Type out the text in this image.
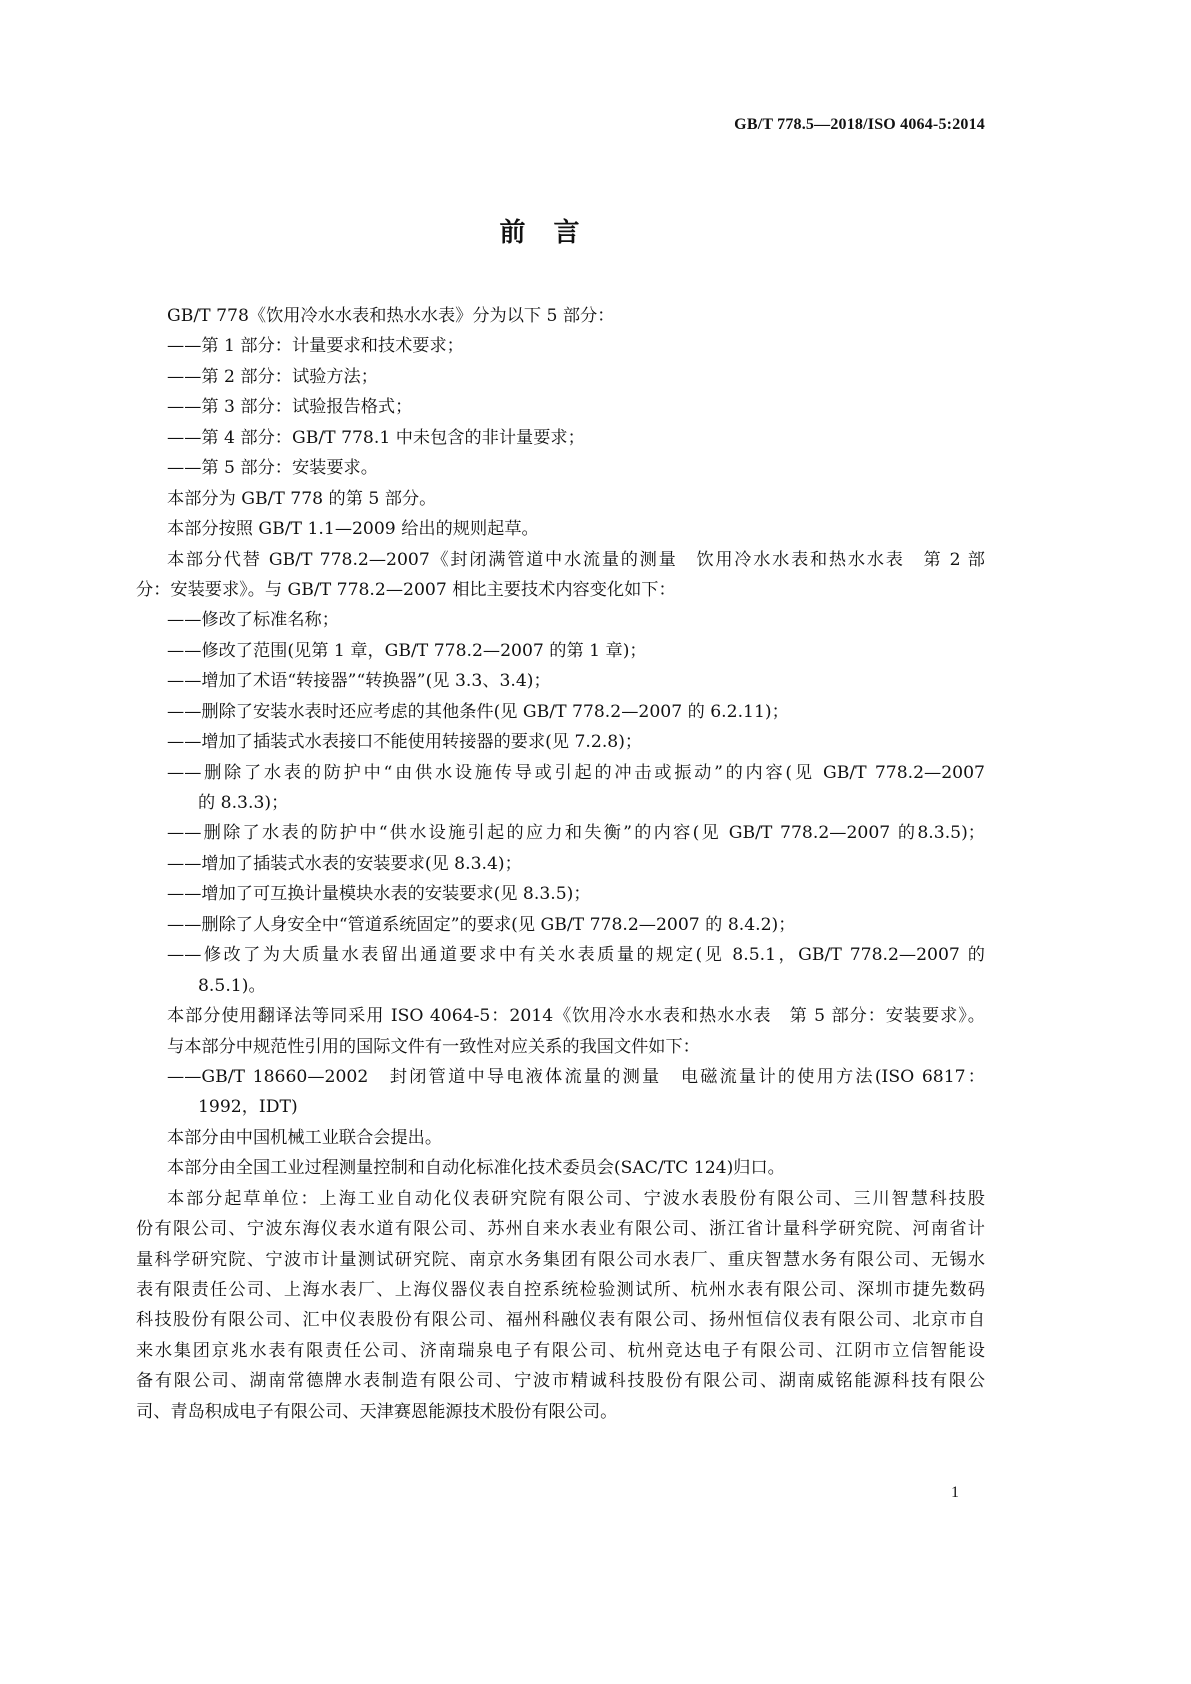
GB/T 778.5—2018/ISO 4064-5:2014
前言
GB/T 778《饮用冷水水表和热水水表》分为以下 5 部分：
——第 1 部分：计量要求和技术要求；
——第 2 部分：试验方法；
——第 3 部分：试验报告格式；
——第 4 部分：GB/T 778.1 中未包含的非计量要求；
——第 5 部分：安装要求。
本部分为 GB/T 778 的第 5 部分。
本部分按照 GB/T 1.1—2009 给出的规则起草。
本部分代替 GB/T 778.2—2007《封闭满管道中水流量的测量　饮用冷水水表和热水水表　第 2 部
分：安装要求》。与 GB/T 778.2—2007 相比主要技术内容变化如下：
——修改了标准名称；
——修改了范围(见第 1 章，GB/T 778.2—2007 的第 1 章)；
——增加了术语“转接器”“转换器”(见 3.3、3.4)；
——删除了安装水表时还应考虑的其他条件(见 GB/T 778.2—2007 的 6.2.11)；
——增加了插装式水表接口不能使用转接器的要求(见 7.2.8)；
——删除了水表的防护中“由供水设施传导或引起的冲击或振动”的内容(见 GB/T 778.2—2007
的 8.3.3)；
——删除了水表的防护中“供水设施引起的应力和失衡”的内容(见 GB/T 778.2—2007 的8.3.5)；
——增加了插装式水表的安装要求(见 8.3.4)；
——增加了可互换计量模块水表的安装要求(见 8.3.5)；
——删除了人身安全中“管道系统固定”的要求(见 GB/T 778.2—2007 的 8.4.2)；
——修改了为大质量水表留出通道要求中有关水表质量的规定(见 8.5.1，GB/T 778.2—2007 的
8.5.1)。
本部分使用翻译法等同采用 ISO 4064-5：2014《饮用冷水水表和热水水表　第 5 部分：安装要求》。
与本部分中规范性引用的国际文件有一致性对应关系的我国文件如下：
——GB/T 18660—2002　封闭管道中导电液体流量的测量　电磁流量计的使用方法(ISO 6817：
1992，IDT)
本部分由中国机械工业联合会提出。
本部分由全国工业过程测量控制和自动化标准化技术委员会(SAC/TC 124)归口。
本部分起草单位：上海工业自动化仪表研究院有限公司、宁波水表股份有限公司、三川智慧科技股
份有限公司、宁波东海仪表水道有限公司、苏州自来水表业有限公司、浙江省计量科学研究院、河南省计
量科学研究院、宁波市计量测试研究院、南京水务集团有限公司水表厂、重庆智慧水务有限公司、无锡水
表有限责任公司、上海水表厂、上海仪器仪表自控系统检验测试所、杭州水表有限公司、深圳市捷先数码
科技股份有限公司、汇中仪表股份有限公司、福州科融仪表有限公司、扬州恒信仪表有限公司、北京市自
来水集团京兆水表有限责任公司、济南瑞泉电子有限公司、杭州竞达电子有限公司、江阴市立信智能设
备有限公司、湖南常德牌水表制造有限公司、宁波市精诚科技股份有限公司、湖南威铭能源科技有限公
司、青岛积成电子有限公司、天津赛恩能源技术股份有限公司。
1
